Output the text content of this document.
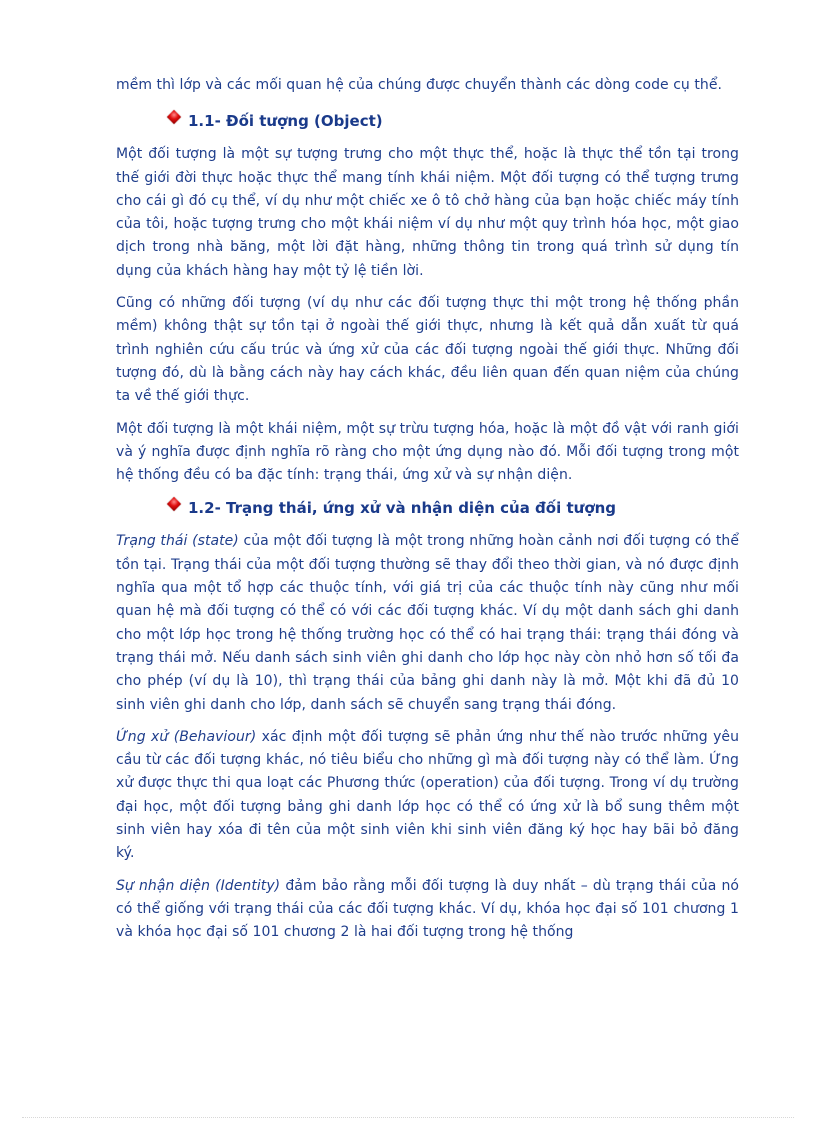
mềm thì lớp và các mối quan hệ của chúng được chuyển thành các dòng code cụ thể.

1.1- Đối tượng (Object)

Một đối tượng là một sự tượng trưng cho một thực thể, hoặc là thực thể tồn tại trong thế giới đời thực hoặc thực thể mang tính khái niệm. Một đối tượng có thể tượng trưng cho cái gì đó cụ thể, ví dụ như một chiếc xe ô tô chở hàng của bạn hoặc chiếc máy tính của tôi, hoặc tượng trưng cho một khái niệm ví dụ như một quy trình hóa học, một giao dịch trong nhà băng, một lời đặt hàng, những thông tin trong quá trình sử dụng tín dụng của khách hàng hay một tỷ lệ tiền lời.

Cũng có những đối tượng (ví dụ như các đối tượng thực thi một trong hệ thống phần mềm) không thật sự tồn tại ở ngoài thế giới thực, nhưng là kết quả dẫn xuất từ quá trình nghiên cứu cấu trúc và ứng xử của các đối tượng ngoài thế giới thực. Những đối tượng đó, dù là bằng cách này hay cách khác, đều liên quan đến quan niệm của chúng ta về thế giới thực.

Một đối tượng là một khái niệm, một sự trừu tượng hóa, hoặc là một đồ vật với ranh giới và ý nghĩa được định nghĩa rõ ràng cho một ứng dụng nào đó. Mỗi đối tượng trong một hệ thống đều có ba đặc tính: trạng thái, ứng xử và sự nhận diện.

1.2- Trạng thái, ứng xử và nhận diện của đối tượng

Trạng thái (state) của một đối tượng là một trong những hoàn cảnh nơi đối tượng có thể tồn tại. Trạng thái của một đối tượng thường sẽ thay đổi theo thời gian, và nó được định nghĩa qua một tổ hợp các thuộc tính, với giá trị của các thuộc tính này cũng như mối quan hệ mà đối tượng có thể có với các đối tượng khác. Ví dụ một danh sách ghi danh cho một lớp học trong hệ thống trường học có thể có hai trạng thái: trạng thái đóng và trạng thái mở. Nếu danh sách sinh viên ghi danh cho lớp học này còn nhỏ hơn số tối đa cho phép (ví dụ là 10), thì trạng thái của bảng ghi danh này là mở. Một khi đã đủ 10 sinh viên ghi danh cho lớp, danh sách sẽ chuyển sang trạng thái đóng.

Ứng xử (Behaviour) xác định một đối tượng sẽ phản ứng như thế nào trước những yêu cầu từ các đối tượng khác, nó tiêu biểu cho những gì mà đối tượng này có thể làm. Ứng xử được thực thi qua loạt các Phương thức (operation) của đối tượng. Trong ví dụ trường đại học, một đối tượng bảng ghi danh lớp học có thể có ứng xử là bổ sung thêm một sinh viên hay xóa đi tên của một sinh viên khi sinh viên đăng ký học hay bãi bỏ đăng ký.

Sự nhận diện (Identity) đảm bảo rằng mỗi đối tượng là duy nhất – dù trạng thái của nó có thể giống với trạng thái của các đối tượng khác. Ví dụ, khóa học đại số 101 chương 1 và khóa học đại số 101 chương 2 là hai đối tượng trong hệ thống
